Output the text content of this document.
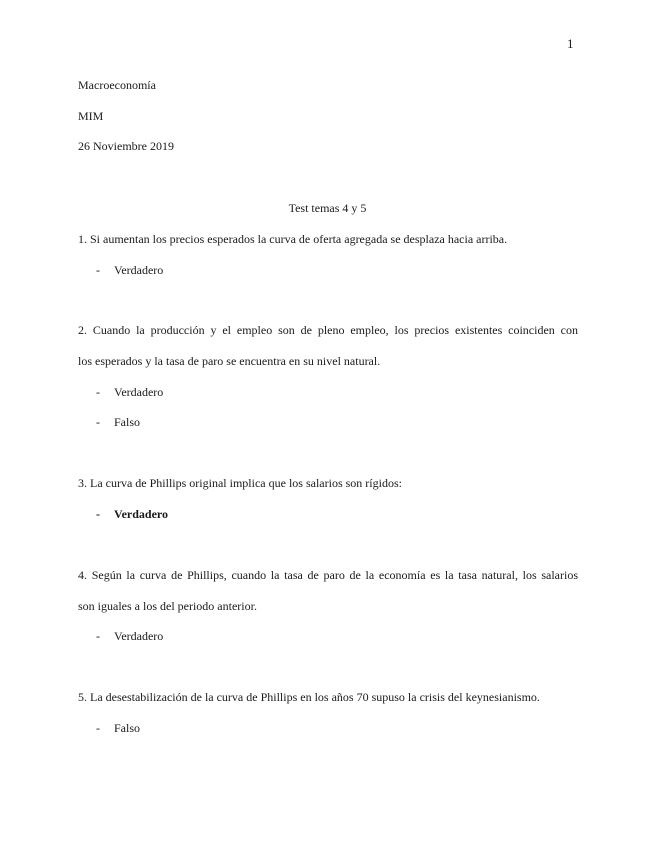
1
Macroeconomía
MIM
26 Noviembre 2019
Test temas 4 y 5
1. Si aumentan los precios esperados la curva de oferta agregada se desplaza hacia arriba.
- Verdadero
2. Cuando la producción y el empleo son de pleno empleo, los precios existentes coinciden con
los esperados y la tasa de paro se encuentra en su nivel natural.
- Verdadero
- Falso
3. La curva de Phillips original implica que los salarios son rígidos:
- Verdadero
4. Según la curva de Phillips, cuando la tasa de paro de la economía es la tasa natural, los salarios
son iguales a los del periodo anterior.
- Verdadero
5. La desestabilización de la curva de Phillips en los años 70 supuso la crisis del keynesianismo.
- Falso
